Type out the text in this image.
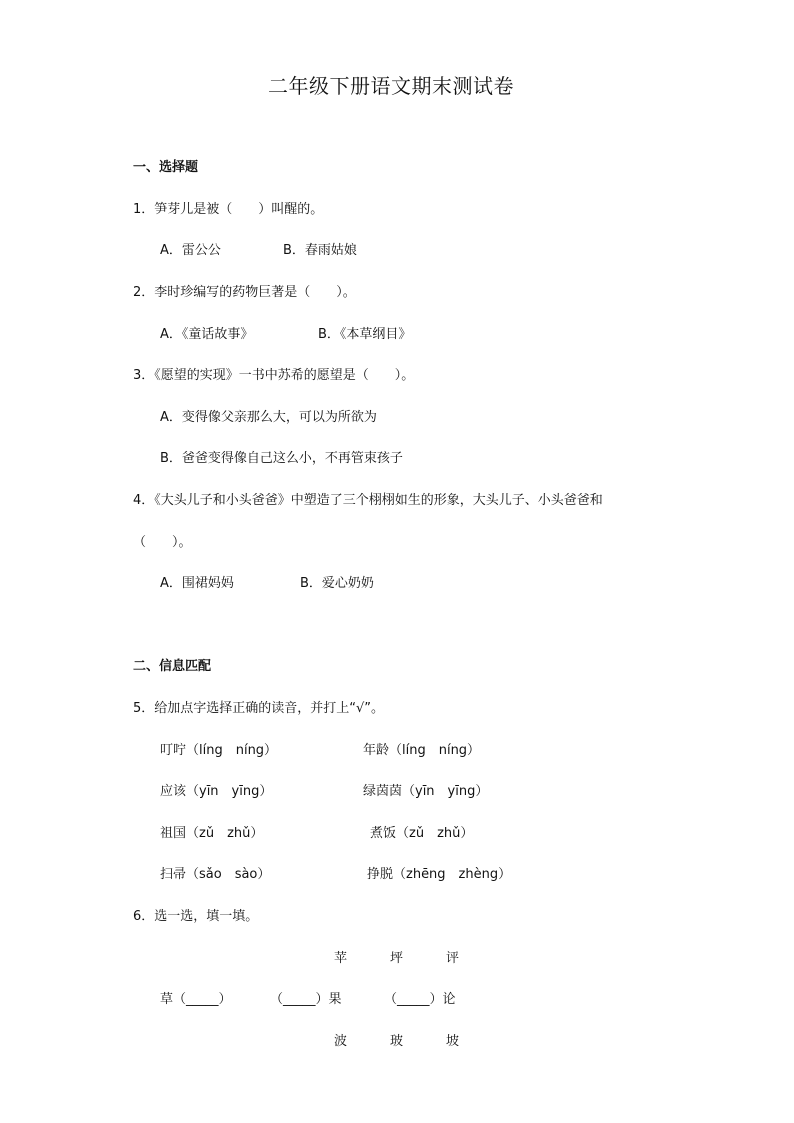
二年级下册语文期末测试卷
一、选择题
1．笋芽儿是被（　　）叫醒的。
A．雷公公	B．春雨姑娘
2．李时珍编写的药物巨著是（　　）。
A．《童话故事》	B．《本草纲目》
3．《愿望的实现》一书中苏希的愿望是（　　）。
A．变得像父亲那么大，可以为所欲为
B．爸爸变得像自己这么小，不再管束孩子
4．《大头儿子和小头爸爸》中塑造了三个栩栩如生的形象，大头儿子、小头爸爸和
（　　）。
A．围裙妈妈	B．爱心奶奶
二、信息匹配
5．给加点字选择正确的读音，并打上“√”。
叮咛（líng　níng）	年龄（líng　níng）
应该（yīn　yīng）	绿茵茵（yīn　yīng）
祖国（zǔ　zhǔ）	煮饭（zǔ　zhǔ）
扫帚（sǎo　sào）	挣脱（zhēng　zhèng）
6．选一选，填一填。
苹	坪	评
草（_____）	（_____）果	（_____）论
波	玻	坡
